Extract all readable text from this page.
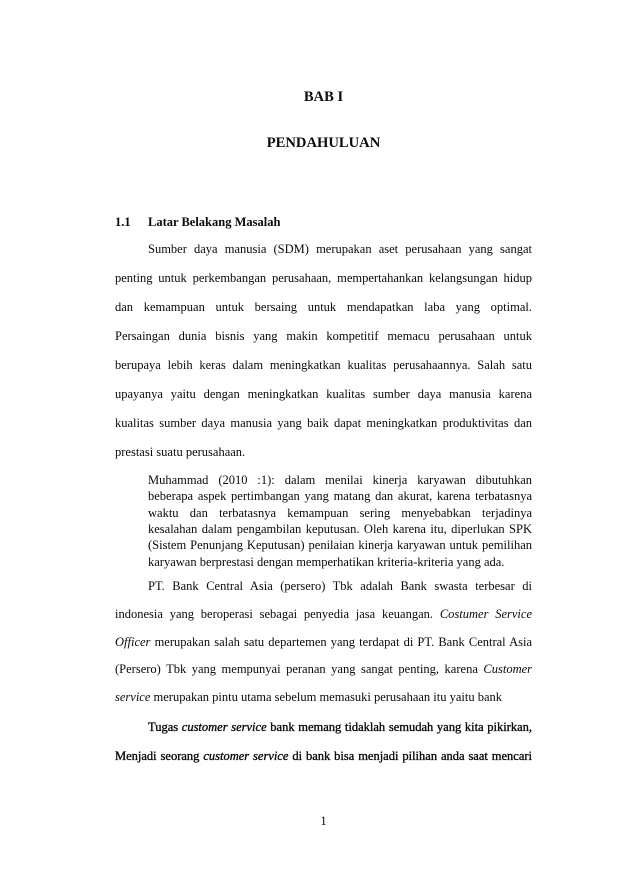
BAB I
PENDAHULUAN
1.1 Latar Belakang Masalah
Sumber daya manusia (SDM) merupakan aset perusahaan yang sangat
penting untuk perkembangan perusahaan, mempertahankan kelangsungan hidup
dan kemampuan untuk bersaing untuk mendapatkan laba yang optimal.
Persaingan dunia bisnis yang makin kompetitif memacu perusahaan untuk
berupaya lebih keras dalam meningkatkan kualitas perusahaannya. Salah satu
upayanya yaitu dengan meningkatkan kualitas sumber daya manusia karena
kualitas sumber daya manusia yang baik dapat meningkatkan produktivitas dan
prestasi suatu perusahaan.
Muhammad (2010 :1): dalam menilai kinerja karyawan dibutuhkan
beberapa aspek pertimbangan yang matang dan akurat, karena terbatasnya
waktu dan terbatasnya kemampuan sering menyebabkan terjadinya
kesalahan dalam pengambilan keputusan. Oleh karena itu, diperlukan SPK
(Sistem Penunjang Keputusan) penilaian kinerja karyawan untuk pemilihan
karyawan berprestasi dengan memperhatikan kriteria-kriteria yang ada.
PT. Bank Central Asia (persero) Tbk adalah Bank swasta terbesar di
indonesia yang beroperasi sebagai penyedia jasa keuangan. Costumer Service
Officer merupakan salah satu departemen yang terdapat di PT. Bank Central Asia
(Persero) Tbk yang mempunyai peranan yang sangat penting, karena Customer
service merupakan pintu utama sebelum memasuki perusahaan itu yaitu bank
Tugas customer service bank memang tidaklah semudah yang kita pikirkan,
Menjadi seorang customer service di bank bisa menjadi pilihan anda saat mencari
1
